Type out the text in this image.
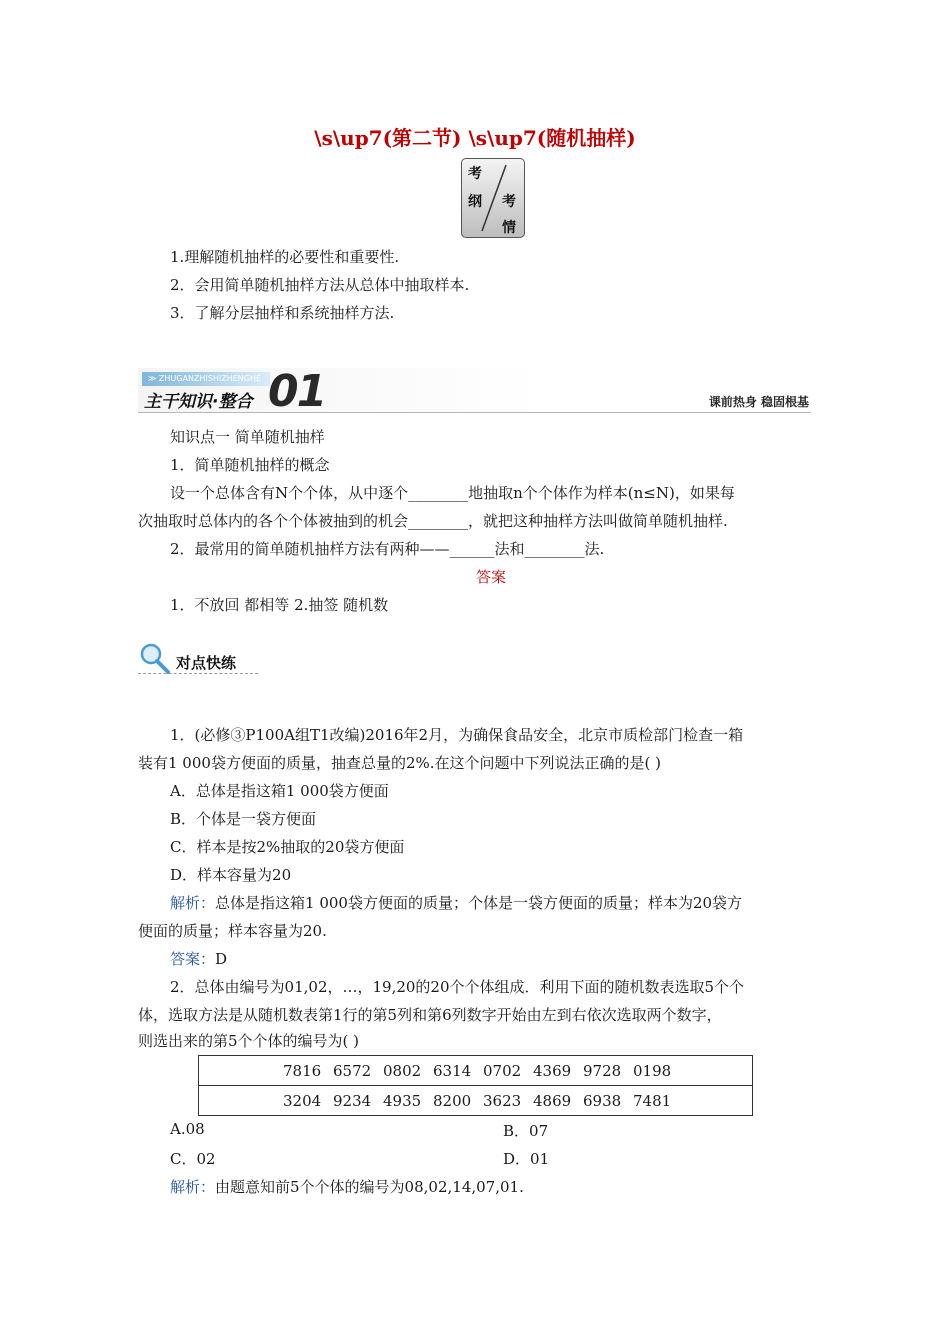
\s\up7(第二节) \s\up7(随机抽样)
考
纲 考
情
1.理解随机抽样的必要性和重要性.
2．会用简单随机抽样方法从总体中抽取样本.
3．了解分层抽样和系统抽样方法.
≫ ZHUGANZHISHIZHENGHE
主干知识·整合 01	课前热身 稳固根基
知识点一 简单随机抽样
1．简单随机抽样的概念
设一个总体含有N个个体，从中逐个________地抽取n个个体作为样本(n≤N)，如果每
次抽取时总体内的各个个体被抽到的机会________，就把这种抽样方法叫做简单随机抽样.
2．最常用的简单随机抽样方法有两种——______法和________法.
答案
1．不放回 都相等 2.抽签 随机数
对点快练
1．(必修③P100A组T1改编)2016年2月，为确保食品安全，北京市质检部门检查一箱
装有1 000袋方便面的质量，抽查总量的2%.在这个问题中下列说法正确的是( )
A．总体是指这箱1 000袋方便面
B．个体是一袋方便面
C．样本是按2%抽取的20袋方便面
D．样本容量为20
解析：总体是指这箱1 000袋方便面的质量；个体是一袋方便面的质量；样本为20袋方
便面的质量；样本容量为20.
答案：D
2．总体由编号为01,02，…，19,20的20个个体组成．利用下面的随机数表选取5个个
体，选取方法是从随机数表第1行的第5列和第6列数字开始由左到右依次选取两个数字，
则选出来的第5个个体的编号为( )
7816 6572 0802 6314 0702 4369 9728 0198
3204 9234 4935 8200 3623 4869 6938 7481
A.08	B．07
C．02	D．01
解析：由题意知前5个个体的编号为08,02,14,07,01.
